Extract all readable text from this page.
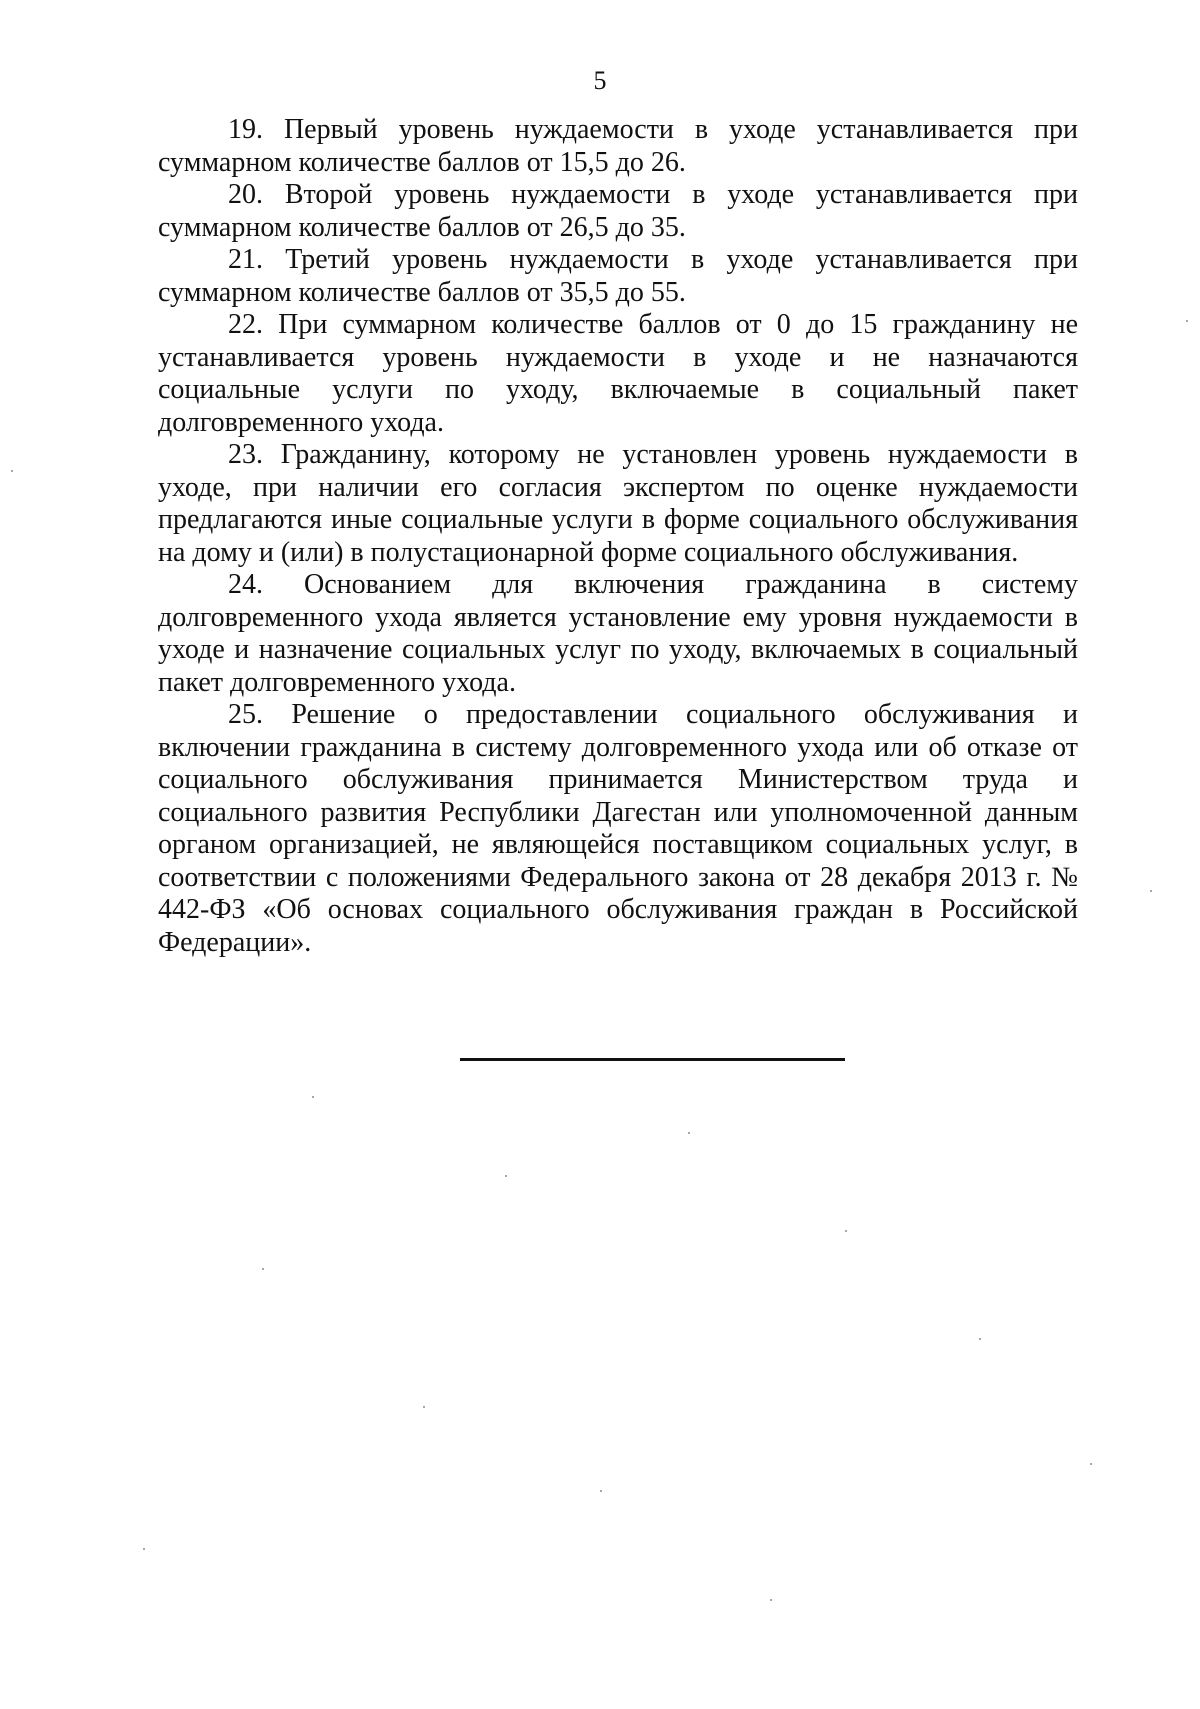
5

19. Первый уровень нуждаемости в уходе устанавливается при суммарном количестве баллов от 15,5 до 26.

20. Второй уровень нуждаемости в уходе устанавливается при суммарном количестве баллов от 26,5 до 35.

21. Третий уровень нуждаемости в уходе устанавливается при суммарном количестве баллов от 35,5 до 55.

22. При суммарном количестве баллов от 0 до 15 гражданину не устанавливается уровень нуждаемости в уходе и не назначаются социальные услуги по уходу, включаемые в социальный пакет долговременного ухода.

23. Гражданину, которому не установлен уровень нуждаемости в уходе, при наличии его согласия экспертом по оценке нуждаемости предлагаются иные социальные услуги в форме социального обслуживания на дому и (или) в полустационарной форме социального обслуживания.

24. Основанием для включения гражданина в систему долговременного ухода является установление ему уровня нуждаемости в уходе и назначение социальных услуг по уходу, включаемых в социальный пакет долговременного ухода.

25. Решение о предоставлении социального обслуживания и включении гражданина в систему долговременного ухода или об отказе от социального обслуживания принимается Министерством труда и социального развития Республики Дагестан или уполномоченной данным органом организацией, не являющейся поставщиком социальных услуг, в соответствии с положениями Федерального закона от 28 декабря 2013 г. № 442-ФЗ «Об основах социального обслуживания граждан в Российской Федерации».
